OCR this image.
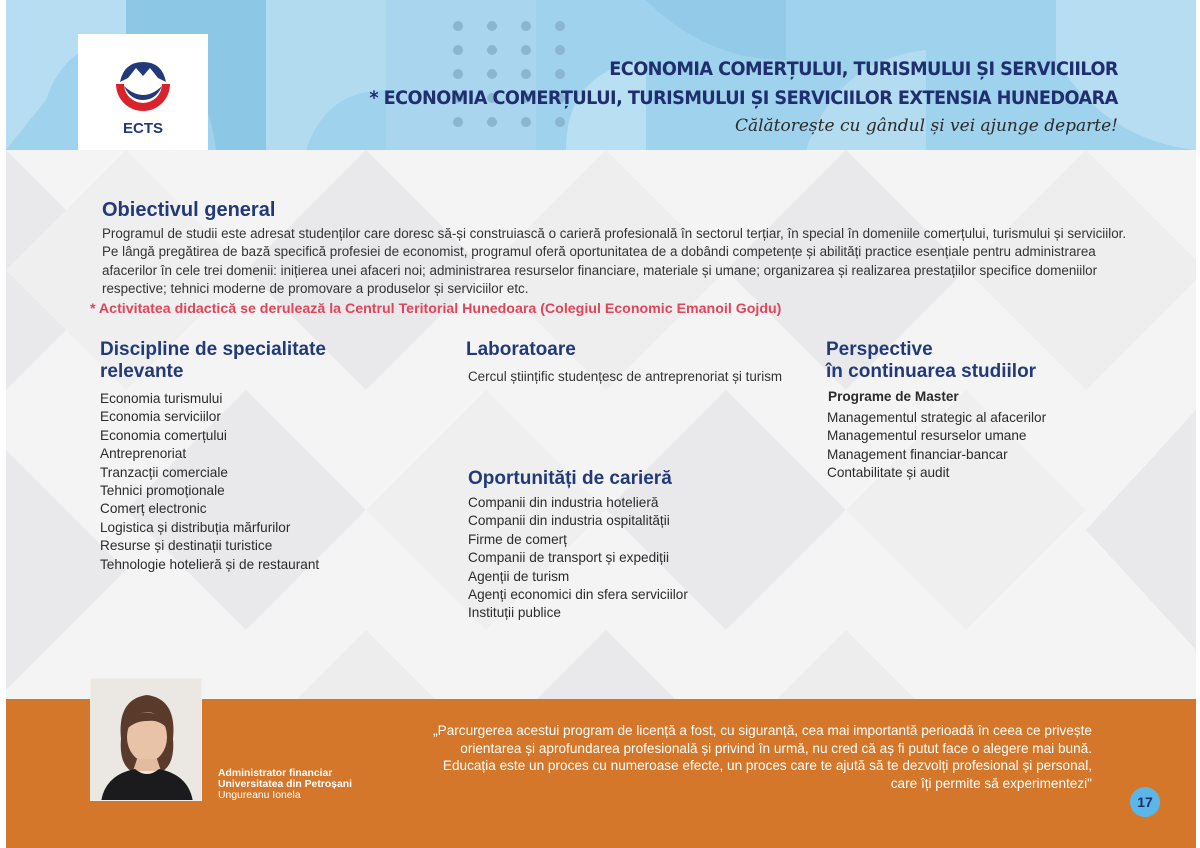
ECTS
ECONOMIA COMERȚULUI, TURISMULUI ȘI SERVICIILOR
* ECONOMIA COMERȚULUI, TURISMULUI ȘI SERVICIILOR EXTENSIA HUNEDOARA
Călătorește cu gândul și vei ajunge departe!
Obiectivul general
Programul de studii este adresat studenților care doresc să-și construiască o carieră profesională în sectorul terțiar, în special în domeniile comerțului, turismului și serviciilor. Pe lângă pregătirea de bază specifică profesiei de economist, programul oferă oportunitatea de a dobândi competențe și abilități practice esențiale pentru administrarea afacerilor în cele trei domenii: inițierea unei afaceri noi; administrarea resurselor financiare, materiale și umane; organizarea și realizarea prestațiilor specifice domeniilor respective; tehnici moderne de promovare a produselor și serviciilor etc.
* Activitatea didactică se derulează la Centrul Teritorial Hunedoara (Colegiul Economic Emanoil Gojdu)
Discipline de specialitate
relevante
Economia turismului
Economia serviciilor
Economia comerțului
Antreprenoriat
Tranzacții comerciale
Tehnici promoționale
Comerț electronic
Logistica și distribuția mărfurilor
Resurse și destinații turistice
Tehnologie hotelieră și de restaurant
Laboratoare
Cercul științific studențesc de antreprenoriat și turism
Oportunități de carieră
Companii din industria hotelieră
Companii din industria ospitalității
Firme de comerț
Companii de transport și expediții
Agenții de turism
Agenți economici din sfera serviciilor
Instituții publice
Perspective
în continuarea studiilor
Programe de Master
Managementul strategic al afacerilor
Managementul resurselor umane
Management financiar-bancar
Contabilitate și audit
Administrator financiar
Universitatea din Petroșani
Ungureanu Ionela
„Parcurgerea acestui program de licență a fost, cu siguranță, cea mai importantă perioadă în ceea ce privește orientarea și aprofundarea profesională și privind în urmă, nu cred că aș fi putut face o alegere mai bună. Educația este un proces cu numeroase efecte, un proces care te ajută să te dezvolți profesional și personal, care îți permite să experimentezi"
17
